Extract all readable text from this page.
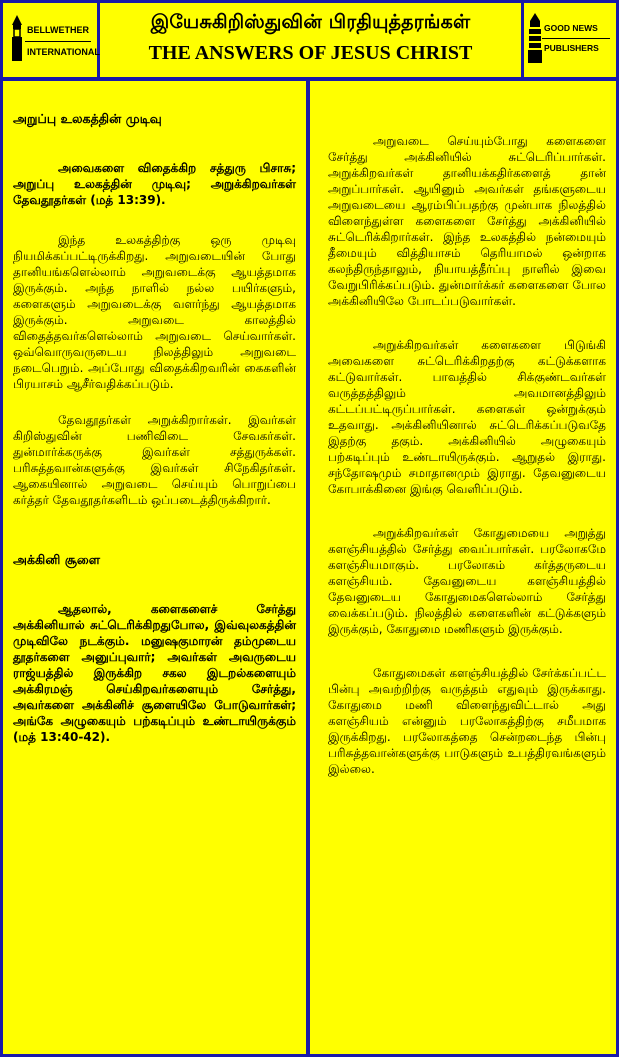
BELLWETHER
INTERNATIONAL
இயேசுகிறிஸ்துவின் பிரதியுத்தரங்கள்
THE ANSWERS OF JESUS CHRIST
GOOD NEWS
PUBLISHERS
அறுப்பு உலகத்தின் முடிவு
அவைகளை விதைக்கிற சத்துரு பிசாசு; அறுப்பு உலகத்தின் முடிவு; அறுக்கிறவர்கள் தேவதூதர்கள் (மத் 13:39).
இந்த உலகத்திற்கு ஒரு முடிவு நியமிக்கப்பட்டிருக்கிறது. அறுவடையின் போது தானியங்களெல்லாம் அறுவடைக்கு ஆயத்தமாக இருக்கும். அந்த நாளில் நல்ல பயிர்களும், களைகளும் அறுவடைக்கு வளர்ந்து ஆயத்தமாக இருக்கும். அறுவடை காலத்தில் விதைத்தவர்களெல்லாம் அறுவடை செய்வார்கள். ஒவ்வொருவருடைய நிலத்திலும் அறுவடை நடைபெறும். அப்போது விதைக்கிறவரின் கைகளின் பிரயாசம் ஆசீர்வதிக்கப்படும்.
தேவதூதர்கள் அறுக்கிறார்கள். இவர்கள் கிறிஸ்துவின் பணிவிடை சேவகர்கள். துன்மார்க்கருக்கு இவர்கள் சத்துருக்கள். பரிசுத்தவான்களுக்கு இவர்கள் சிநேகிதர்கள். ஆகையினால் அறுவடை செய்யும் பொறுப்பை கர்த்தர் தேவதூதர்களிடம் ஒப்படைத்திருக்கிறார்.
அக்கினி சூளை
ஆதலால், களைகளைச் சேர்த்து அக்கினியால் சுட்டெரிக்கிறதுபோல, இவ்வுலகத்தின் முடிவிலே நடக்கும். மனுஷகுமாரன் தம்முடைய தூதர்களை அனுப்புவார்; அவர்கள் அவருடைய ராஜ்யத்தில் இருக்கிற சகல இடறல்களையும் அக்கிரமஞ் செய்கிறவர்களையும் சேர்த்து, அவர்களை அக்கினிச் சூளையிலே போடுவார்கள்; அங்கே அழுகையும் பற்கடிப்பும் உண்டாயிருக்கும் (மத் 13:40-42).
அறுவடை செய்யும்போது களைகளை சேர்த்து அக்கினியில் சுட்டெரிப்பார்கள். அறுக்கிறவர்கள் தானியக்கதிர்களைத் தான் அறுப்பார்கள். ஆயினும் அவர்கள் தங்களுடைய அறுவடையை ஆரம்பிப்பதற்கு முன்பாக நிலத்தில் விளைந்துள்ள களைகளை சேர்த்து அக்கினியில் சுட்டெரிக்கிறார்கள். இந்த உலகத்தில் நன்மையும் தீமையும் வித்தியாசம் தெரியாமல் ஒன்றாக கலந்திருந்தாலும், நியாயத்தீர்ப்பு நாளில் இவை வேறுபிரிக்கப்படும். துன்மார்க்கர் களைகளை போல அக்கினியிலே போடப்படுவார்கள்.
அறுக்கிறவர்கள் களைகளை பிடுங்கி அவைகளை சுட்டெரிக்கிறதற்கு கட்டுக்களாக கட்டுவார்கள். பாவத்தில் சிக்குண்டவர்கள் வருத்தத்திலும் அவமானத்திலும் கட்டப்பட்டிருப்பார்கள். களைகள் ஒன்றுக்கும் உதவாது. அக்கினியினால் சுட்டெரிக்கப்படுவதே இதற்கு தகும். அக்கினியில் அழுகையும் பற்கடிப்பும் உண்டாயிருக்கும். ஆறுதல் இராது. சந்தோஷமும் சமாதானமும் இராது. தேவனுடைய கோபாக்கினை இங்கு வெளிப்படும்.
அறுக்கிறவர்கள் கோதுமையை அறுத்து களஞ்சியத்தில் சேர்த்து வைப்பார்கள். பரலோகமே களஞ்சியமாகும். பரலோகம் கர்த்தருடைய களஞ்சியம். தேவனுடைய களஞ்சியத்தில் தேவனுடைய கோதுமைகளெல்லாம் சேர்த்து வைக்கப்படும். நிலத்தில் களைகளின் கட்டுக்களும் இருக்கும், கோதுமை மணிகளும் இருக்கும்.
கோதுமைகள் களஞ்சியத்தில் சேர்க்கப்பட்ட பின்பு அவற்றிற்கு வருத்தம் எதுவும் இருக்காது. கோதுமை மணி விளைந்துவிட்டால் அது களஞ்சியம் என்னும் பரலோகத்திற்கு சமீபமாக இருக்கிறது. பரலோகத்தை சென்றடைந்த பின்பு பரிசுத்தவான்களுக்கு பாடுகளும் உபத்திரவங்களும் இல்லை.
